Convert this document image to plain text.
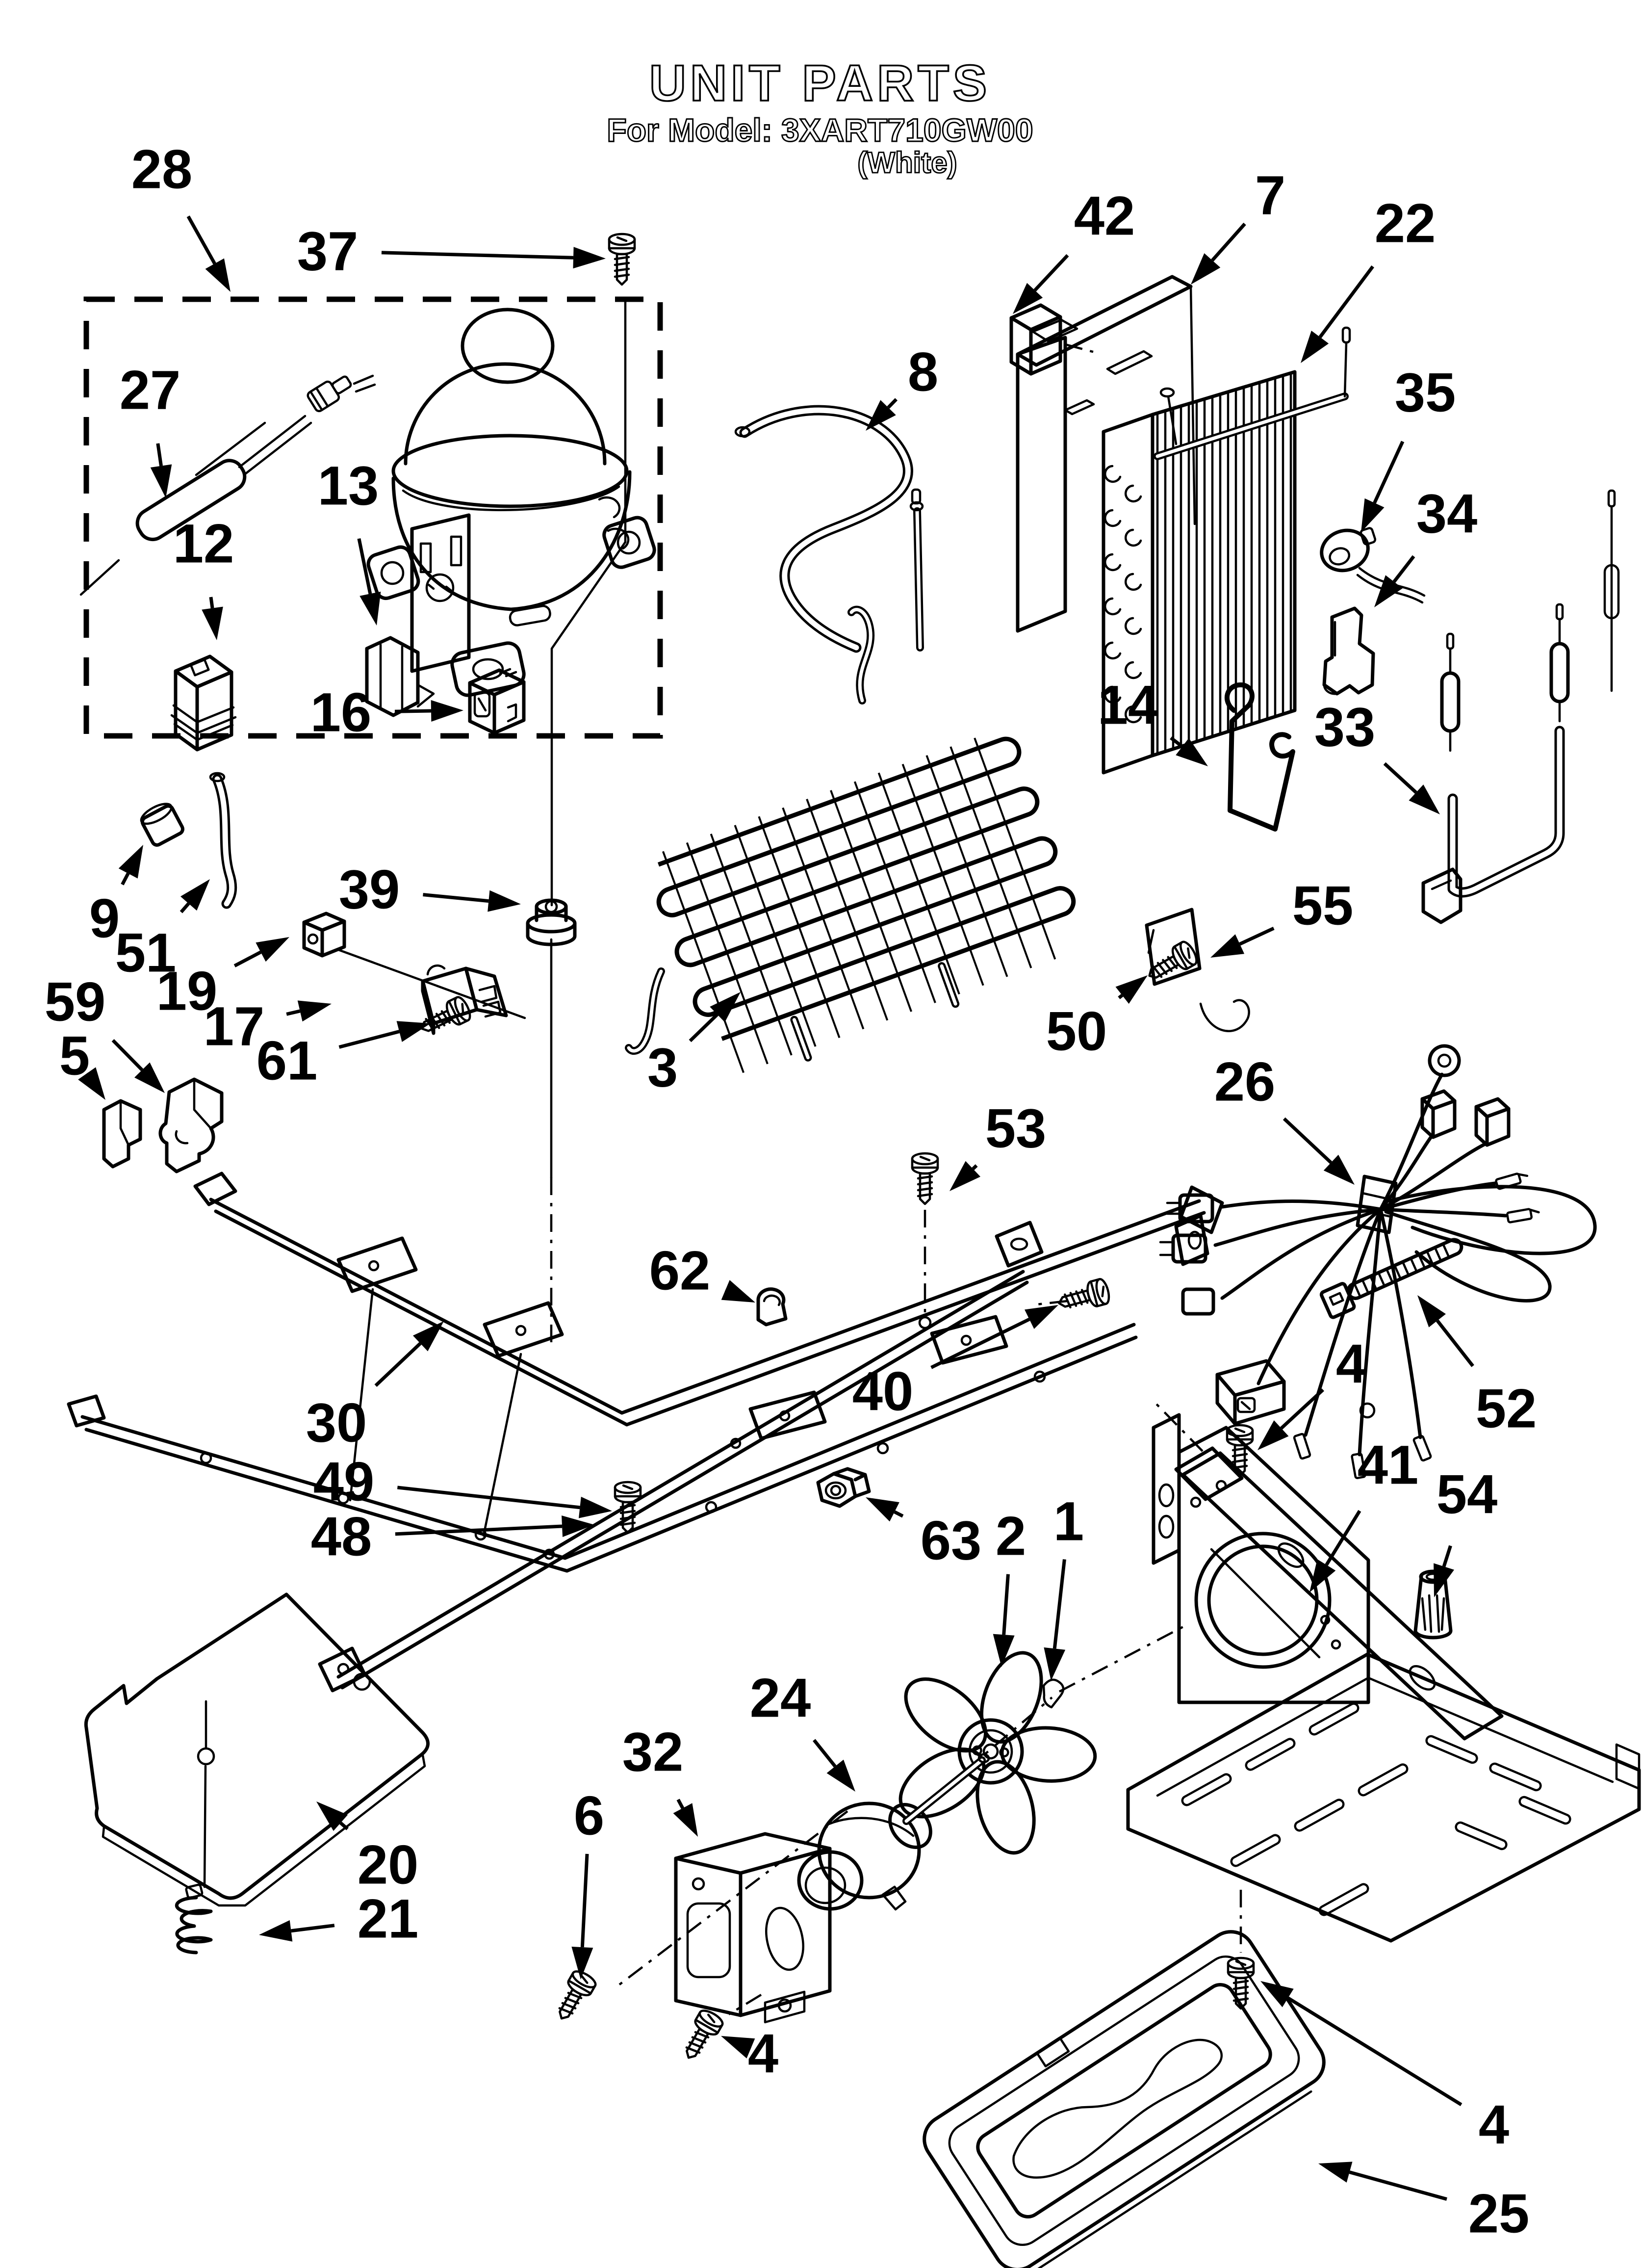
UNIT PARTS
For Model: 3XART710GW00
(White)
28
37
27
13
12
16
42 7 22
8	35
34
14	33
9
51
39
19
17
61
59
5	3
55
50
26
53
62
30
49
48
40
63
4
41 54
52
2 1
24
32
6
20
21
4
25
4
